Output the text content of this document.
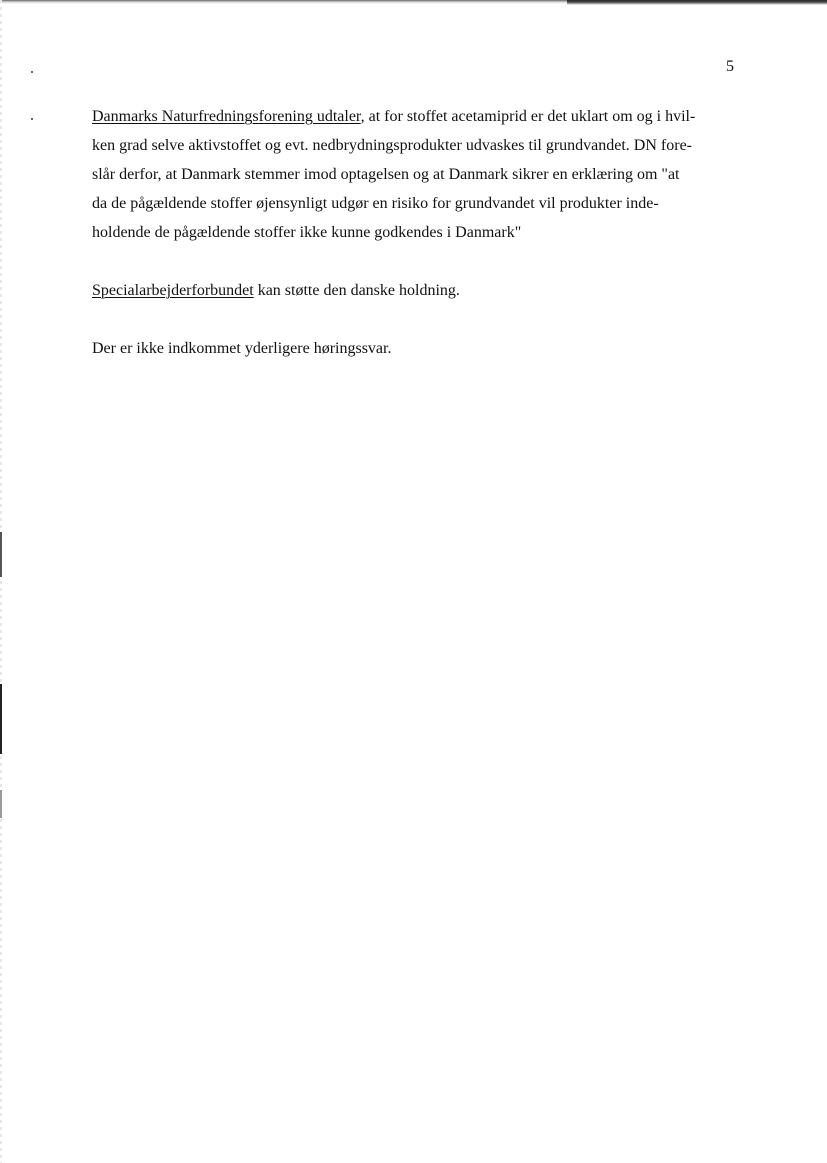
5

Danmarks Naturfredningsforening udtaler, at for stoffet acetamiprid er det uklart om og i hvil-
ken grad selve aktivstoffet og evt. nedbrydningsprodukter udvaskes til grundvandet. DN fore-
slår derfor, at Danmark stemmer imod optagelsen og at Danmark sikrer en erklæring om "at
da de pågældende stoffer øjensynligt udgør en risiko for grundvandet vil produkter inde-
holdende de pågældende stoffer ikke kunne godkendes i Danmark"

Specialarbejderforbundet kan støtte den danske holdning.

Der er ikke indkommet yderligere høringssvar.
